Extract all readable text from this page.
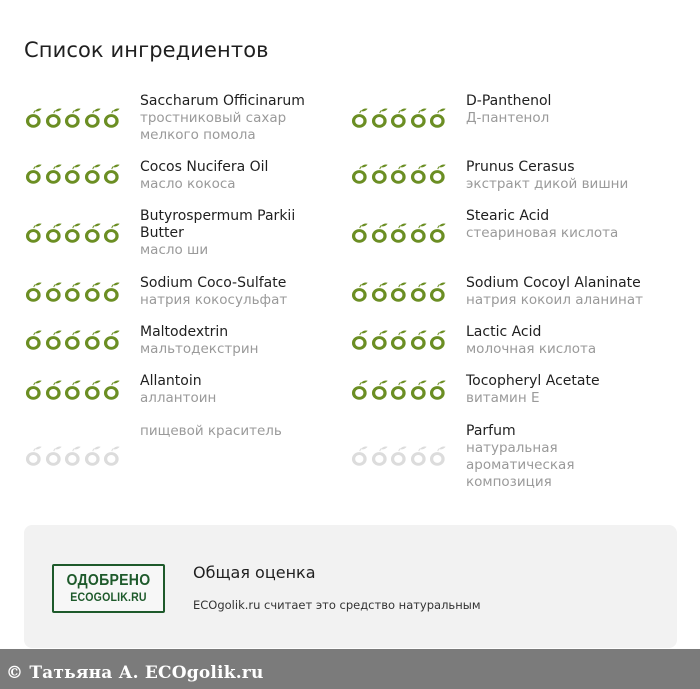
Список ингредиентов
Saccharum Officinarum
тростниковый сахар мелкого помола
D-Panthenol
Д-пантенол
Cocos Nucifera Oil
масло кокоса
Prunus Cerasus
экстракт дикой вишни
Butyrospermum Parkii Butter
масло ши
Stearic Acid
стеариновая кислота
Sodium Coco-Sulfate
натрия кокосульфат
Sodium Cocoyl Alaninate
натрия кокоил аланинат
Maltodextrin
мальтодекстрин
Lactic Acid
молочная кислота
Allantoin
аллантоин
Tocopheryl Acetate
витамин Е
пищевой краситель	Parfum
натуральная ароматическая композиция
ОДОБРЕНО
ECOGOLIK.RU
Общая оценка
ECOgolik.ru считает это средство натуральным
© Татьяна А. ECOgolik.ru
